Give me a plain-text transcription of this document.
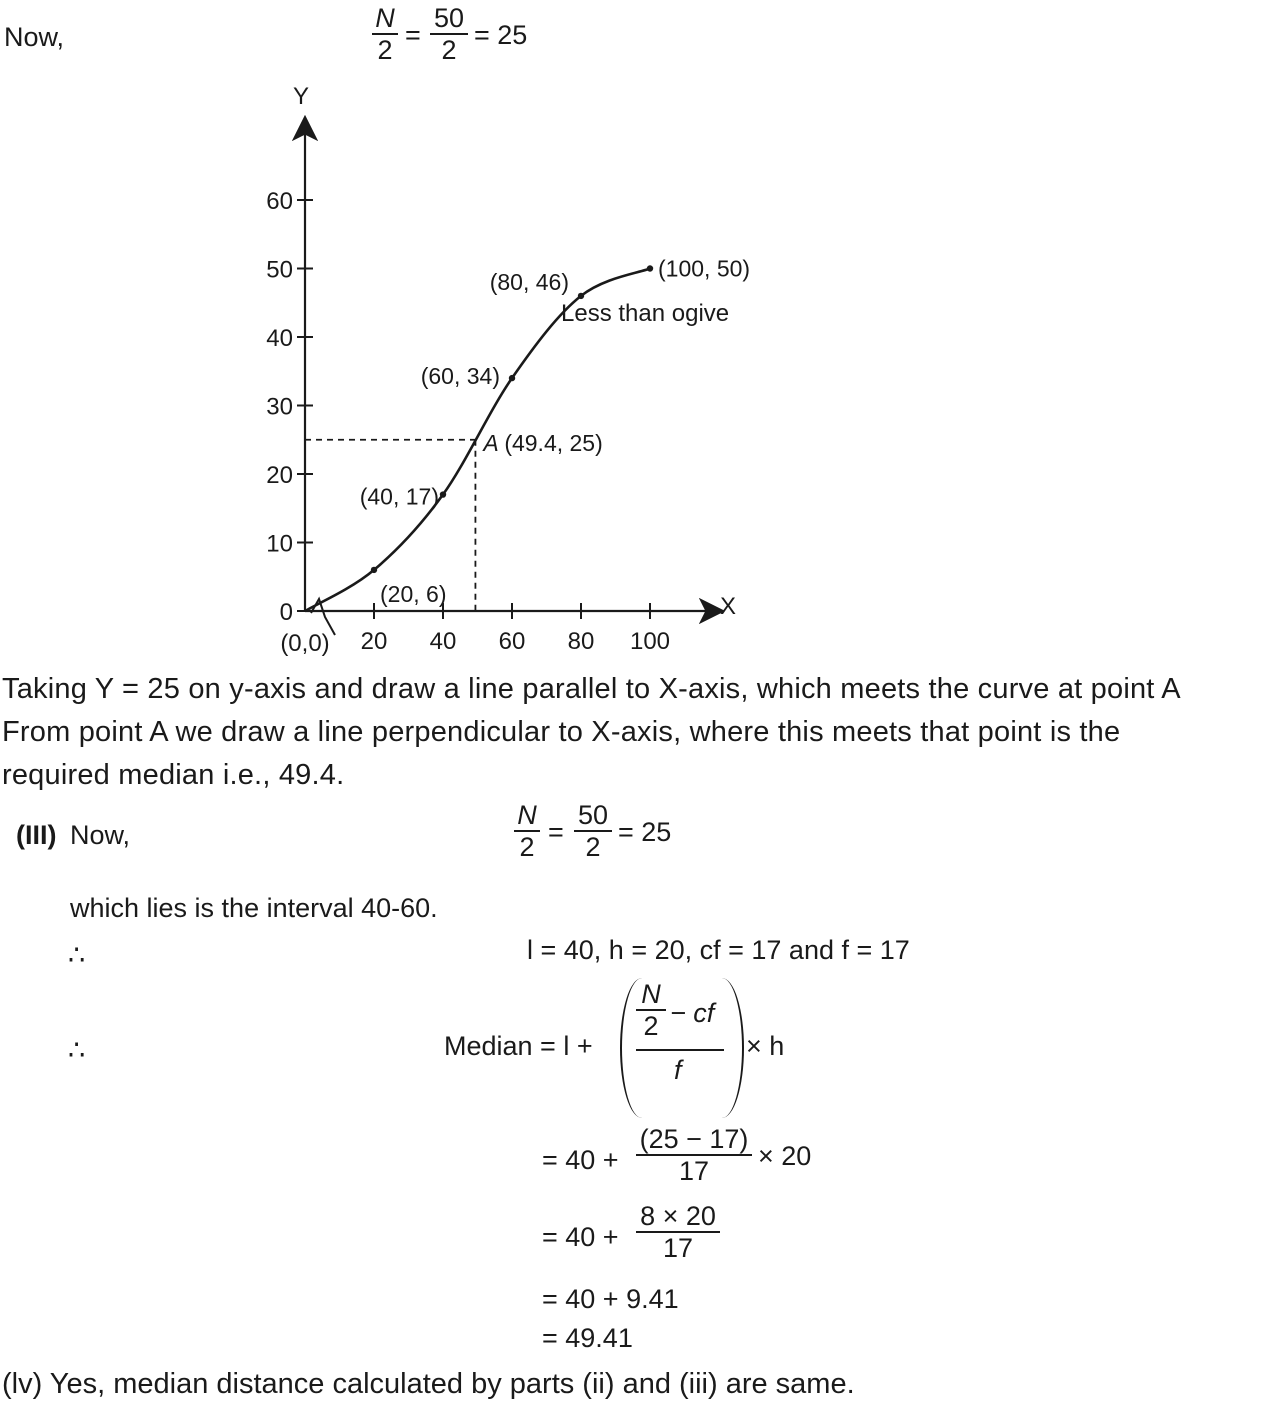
Now,
N
2
=
50
2
= 25
Y
X
0
10
20
30
40
50
60
20 40 60 80 100
(0,0)
(20, 6)
(40, 17)
(60, 34)
(80, 46)
(100, 50)
A (49.4, 25)
Less than ogive
Taking Y = 25 on y-axis and draw a line parallel to X-axis, which meets the curve at point A
From point A we draw a line perpendicular to X-axis, where this meets that point is the
required median i.e., 49.4.
(III) Now,
N
2
=
50
2
= 25
which lies is the interval 40-60.
∴	l = 40, h = 20, cf = 17 and f = 17
∴	Median = l +
N
2 − cf
f
× h
= 40 +
(25 − 17)
17
× 20
= 40 +
8 × 20
17
= 40 + 9.41
= 49.41
(lv) Yes, median distance calculated by parts (ii) and (iii) are same.
